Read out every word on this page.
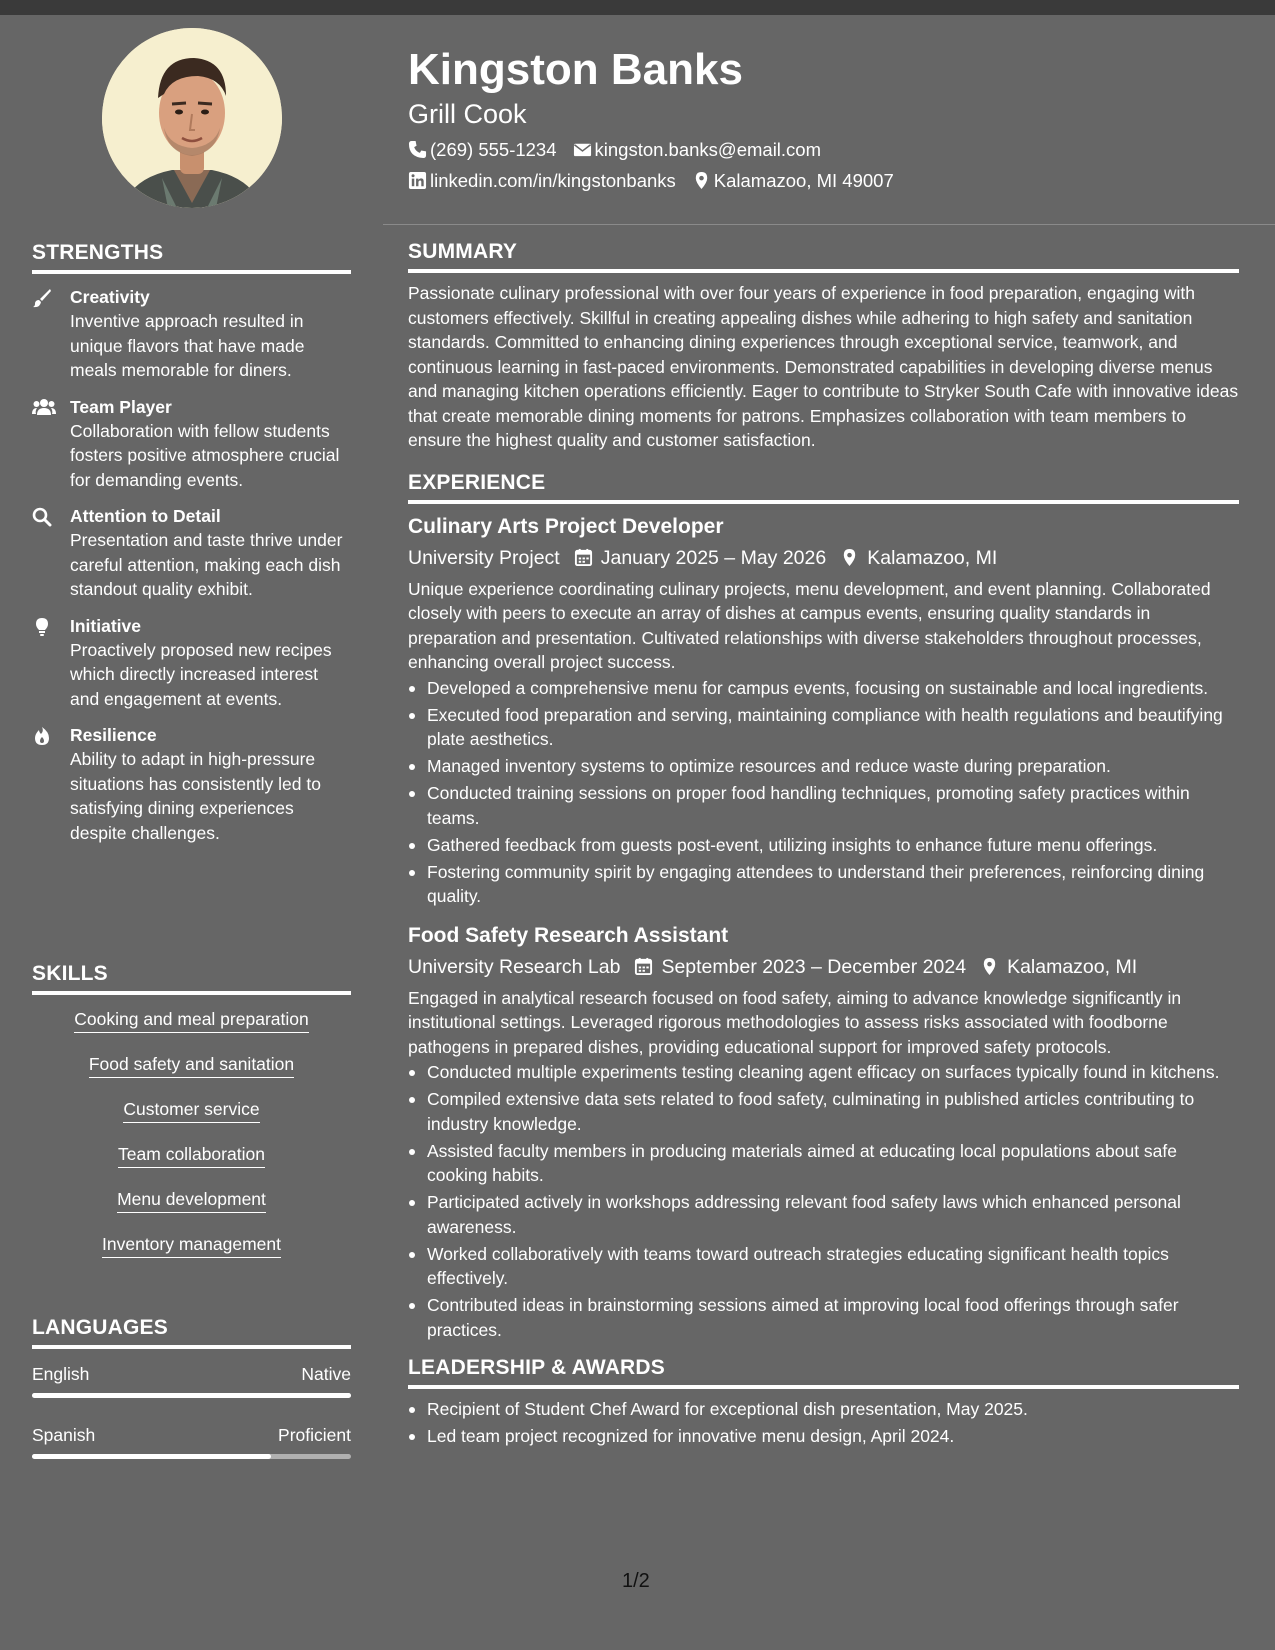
STRENGTHS
Creativity
Inventive approach resulted in unique flavors that have made meals memorable for diners.
Team Player
Collaboration with fellow students fosters positive atmosphere crucial for demanding events.
Attention to Detail
Presentation and taste thrive under careful attention, making each dish standout quality exhibit.
Initiative
Proactively proposed new recipes which directly increased interest and engagement at events.
Resilience
Ability to adapt in high-pressure situations has consistently led to satisfying dining experiences despite challenges.
SKILLS
Cooking and meal preparation
Food safety and sanitation
Customer service
Team collaboration
Menu development
Inventory management
LANGUAGES
English	Native
Spanish	Proficient
Kingston Banks
Grill Cook
(269) 555-1234 kingston.banks@email.com
linkedin.com/in/kingstonbanks Kalamazoo, MI 49007
SUMMARY
Passionate culinary professional with over four years of experience in food preparation, engaging with customers effectively. Skillful in creating appealing dishes while adhering to high safety and sanitation standards. Committed to enhancing dining experiences through exceptional service, teamwork, and continuous learning in fast-paced environments. Demonstrated capabilities in developing diverse menus and managing kitchen operations efficiently. Eager to contribute to Stryker South Cafe with innovative ideas that create memorable dining moments for patrons. Emphasizes collaboration with team members to ensure the highest quality and customer satisfaction.
EXPERIENCE
Culinary Arts Project Developer
University Project January 2025 – May 2026 Kalamazoo, MI
Unique experience coordinating culinary projects, menu development, and event planning. Collaborated closely with peers to execute an array of dishes at campus events, ensuring quality standards in preparation and presentation. Cultivated relationships with diverse stakeholders throughout processes, enhancing overall project success.
Developed a comprehensive menu for campus events, focusing on sustainable and local ingredients.
Executed food preparation and serving, maintaining compliance with health regulations and beautifying plate aesthetics.
Managed inventory systems to optimize resources and reduce waste during preparation.
Conducted training sessions on proper food handling techniques, promoting safety practices within teams.
Gathered feedback from guests post-event, utilizing insights to enhance future menu offerings.
Fostering community spirit by engaging attendees to understand their preferences, reinforcing dining quality.
Food Safety Research Assistant
University Research Lab September 2023 – December 2024 Kalamazoo, MI
Engaged in analytical research focused on food safety, aiming to advance knowledge significantly in institutional settings. Leveraged rigorous methodologies to assess risks associated with foodborne pathogens in prepared dishes, providing educational support for improved safety protocols.
Conducted multiple experiments testing cleaning agent efficacy on surfaces typically found in kitchens.
Compiled extensive data sets related to food safety, culminating in published articles contributing to industry knowledge.
Assisted faculty members in producing materials aimed at educating local populations about safe cooking habits.
Participated actively in workshops addressing relevant food safety laws which enhanced personal awareness.
Worked collaboratively with teams toward outreach strategies educating significant health topics effectively.
Contributed ideas in brainstorming sessions aimed at improving local food offerings through safer practices.
LEADERSHIP & AWARDS
Recipient of Student Chef Award for exceptional dish presentation, May 2025.
Led team project recognized for innovative menu design, April 2024.
1/2
